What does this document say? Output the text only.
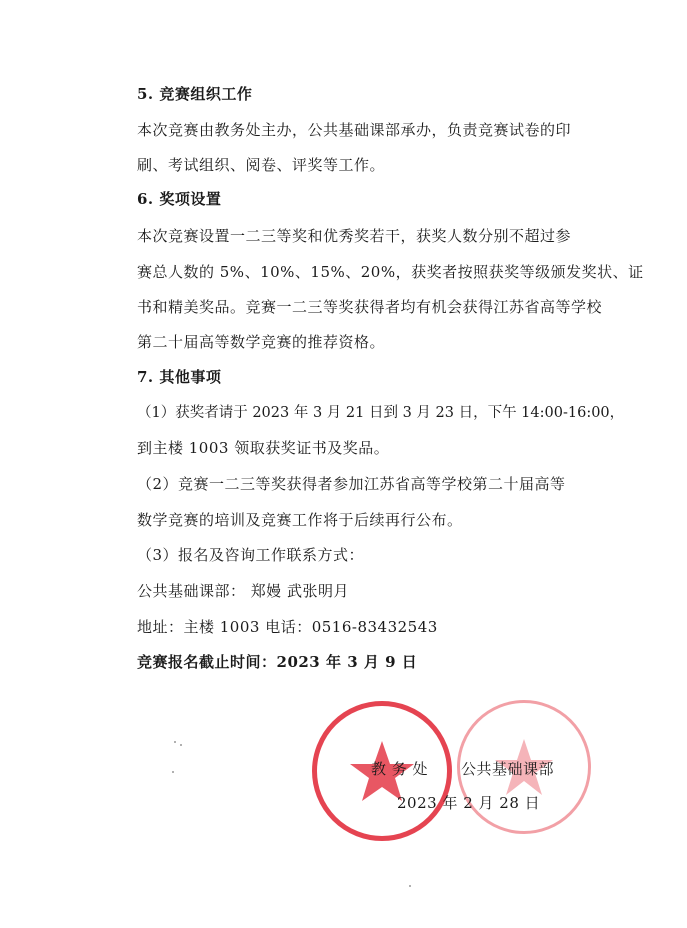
5. 竞赛组织工作
本次竞赛由教务处主办，公共基础课部承办，负责竞赛试卷的印
刷、考试组织、阅卷、评奖等工作。
6. 奖项设置
本次竞赛设置一二三等奖和优秀奖若干，获奖人数分别不超过参
赛总人数的 5%、10%、15%、20%，获奖者按照获奖等级颁发奖状、证
书和精美奖品。竞赛一二三等奖获得者均有机会获得江苏省高等学校
第二十届高等数学竞赛的推荐资格。
7. 其他事项
（1）获奖者请于 2023 年 3 月 21 日到 3 月 23 日，下午 14:00-16:00，
到主楼 1003 领取获奖证书及奖品。
（2）竞赛一二三等奖获得者参加江苏省高等学校第二十届高等
数学竞赛的培训及竞赛工作将于后续再行公布。
（3）报名及咨询工作联系方式：
公共基础课部： 郑嫚 武张明月
地址：主楼 1003 电话：0516-83432543
竞赛报名截止时间：2023 年 3 月 9 日
教 务 处 公共基础课部
2023 年 2 月 28 日
